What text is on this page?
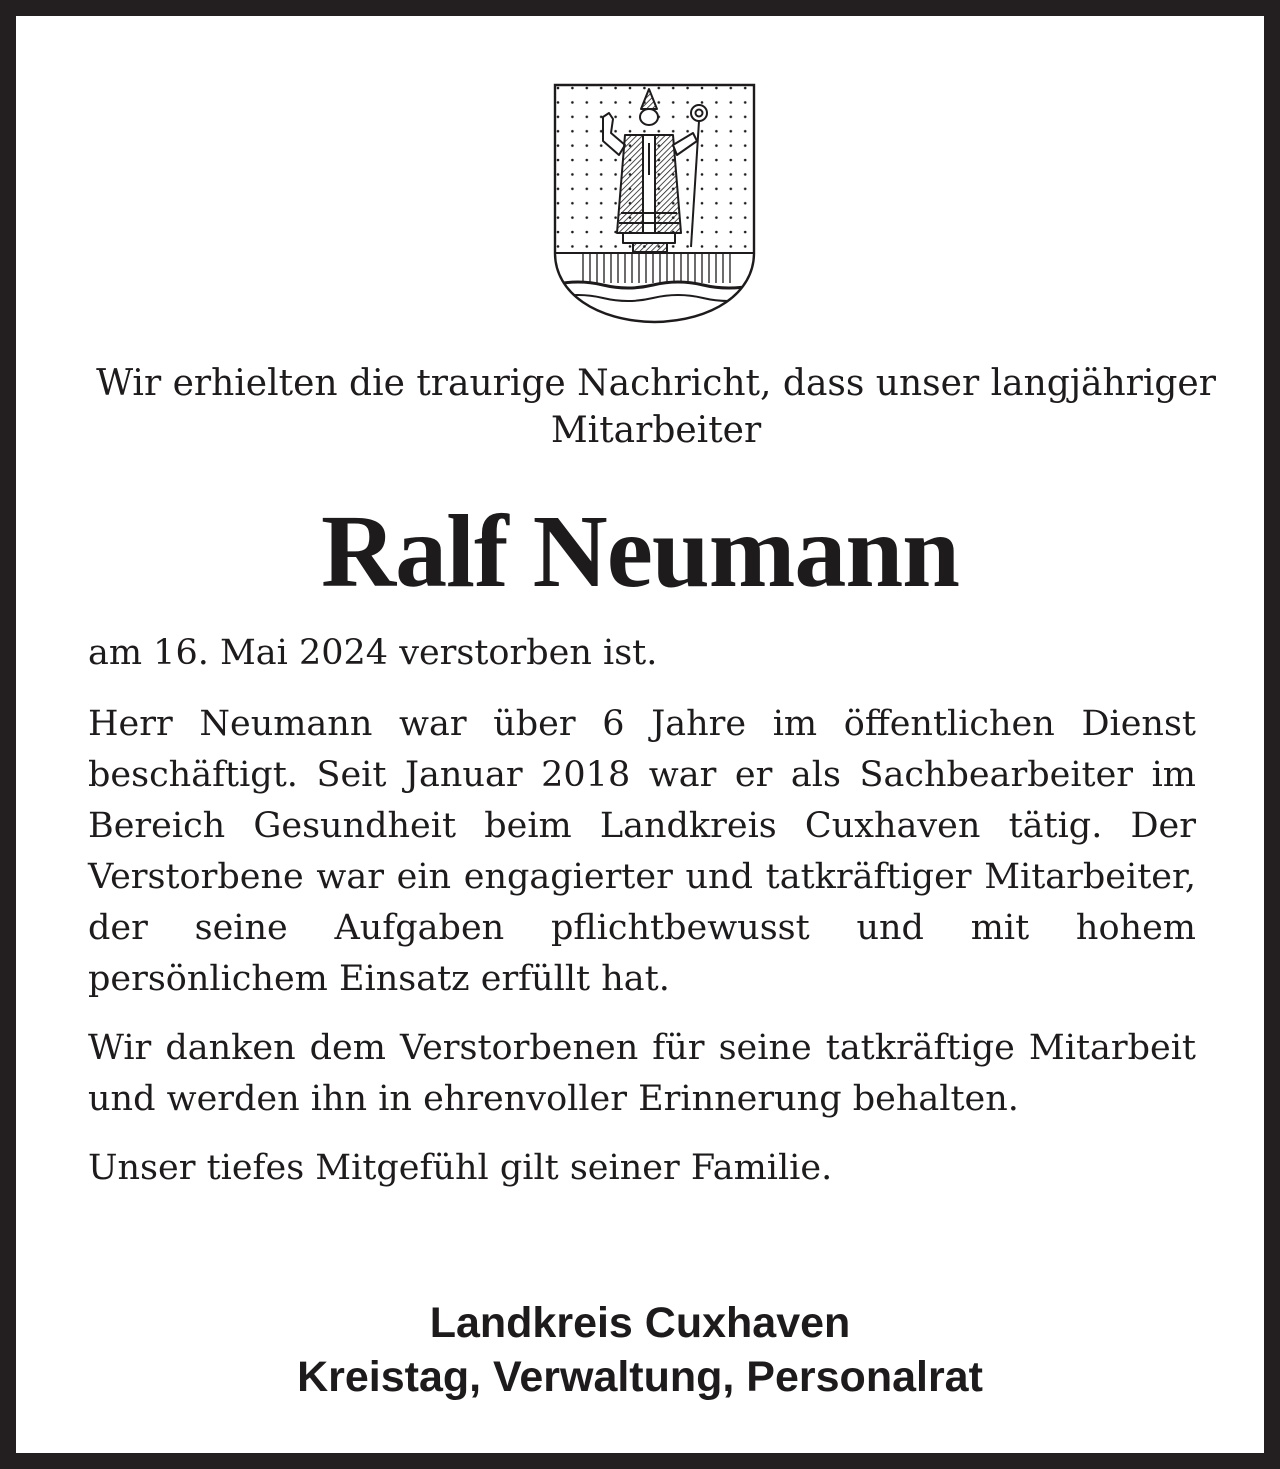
Wir erhielten die traurige Nachricht, dass unser langjähriger Mitarbeiter
Ralf Neumann

am 16. Mai 2024 verstorben ist.

Herr Neumann war über 6 Jahre im öffentlichen Dienst beschäftigt. Seit Januar 2018 war er als Sachbearbeiter im Bereich Gesundheit beim Landkreis Cuxhaven tätig. Der Verstorbene war ein engagierter und tatkräftiger Mitarbeiter, der seine Aufgaben pflichtbewusst und mit hohem persönlichem Einsatz erfüllt hat.

Wir danken dem Verstorbenen für seine tatkräftige Mitarbeit und werden ihn in ehrenvoller Erinnerung behalten.

Unser tiefes Mitgefühl gilt seiner Familie.

Landkreis Cuxhaven
Kreistag, Verwaltung, Personalrat
